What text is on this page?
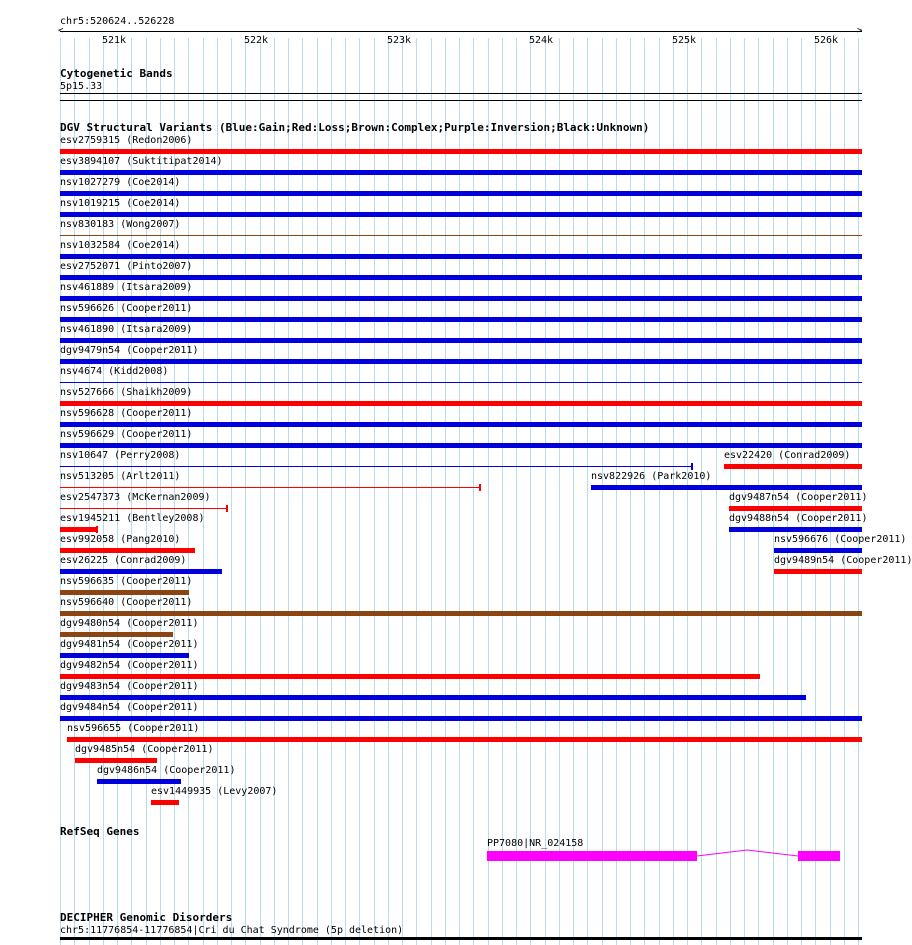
chr5:520624..526228
<	>
521k	522k	523k	524k	525k	526k
Cytogenetic Bands
5p15.33
DGV Structural Variants (Blue:Gain;Red:Loss;Brown:Complex;Purple:Inversion;Black:Unknown)
esv2759315 (Redon2006)
esv3894107 (Suktitipat2014)
nsv1027279 (Coe2014)
nsv1019215 (Coe2014)
nsv830183 (Wong2007)
nsv1032584 (Coe2014)
esv2752071 (Pinto2007)
nsv461889 (Itsara2009)
nsv596626 (Cooper2011)
nsv461890 (Itsara2009)
dgv9479n54 (Cooper2011)
nsv4674 (Kidd2008)
nsv527666 (Shaikh2009)
nsv596628 (Cooper2011)
nsv596629 (Cooper2011)
nsv10647 (Perry2008)
nsv513205 (Arlt2011)
esv2547373 (McKernan2009)
esv1945211 (Bentley2008)
esv992058 (Pang2010)
esv26225 (Conrad2009)
nsv596635 (Cooper2011)
nsv596640 (Cooper2011)
dgv9480n54 (Cooper2011)
dgv9481n54 (Cooper2011)
dgv9482n54 (Cooper2011)
dgv9483n54 (Cooper2011)
dgv9484n54 (Cooper2011)
nsv596655 (Cooper2011)
dgv9485n54 (Cooper2011)
dgv9486n54 (Cooper2011)
esv1449935 (Levy2007)
esv22420 (Conrad2009)
nsv822926 (Park2010)
dgv9487n54 (Cooper2011)
dgv9488n54 (Cooper2011)
nsv596676 (Cooper2011)
dgv9489n54 (Cooper2011)
RefSeq Genes
PP7080|NR_024158
DECIPHER Genomic Disorders
chr5:11776854-11776854|Cri du Chat Syndrome (5p deletion)
